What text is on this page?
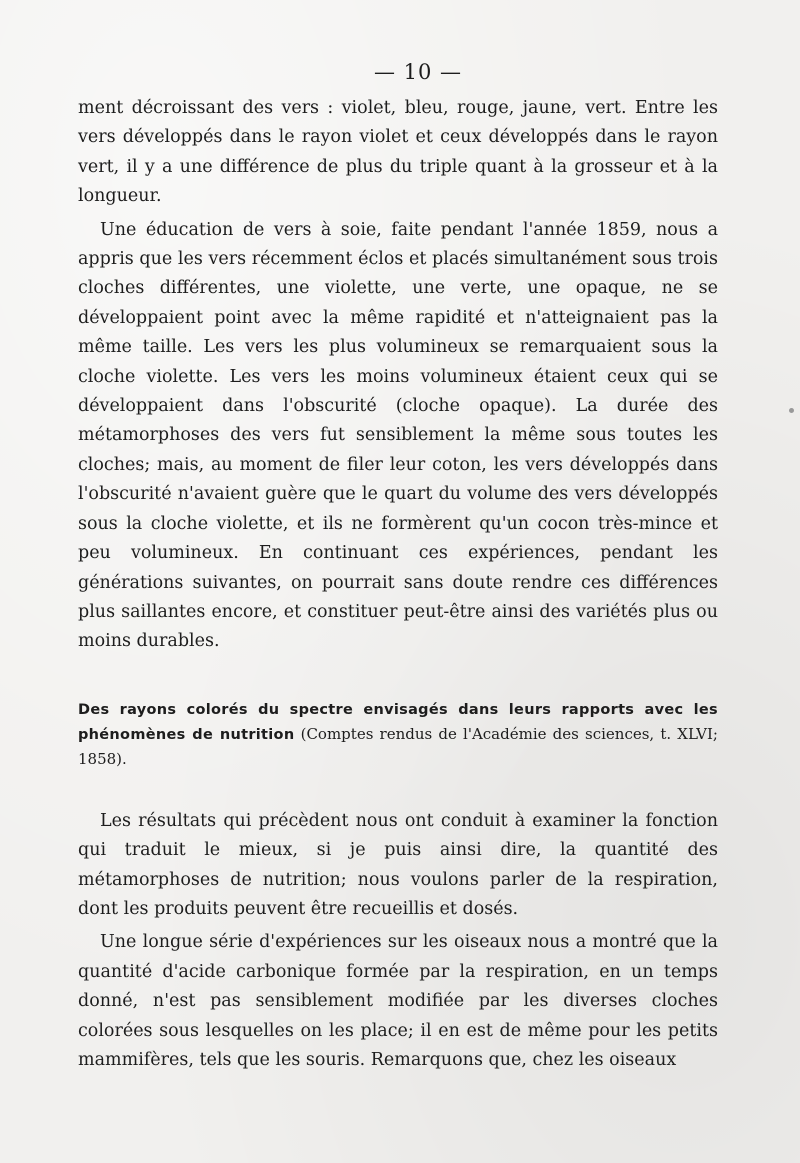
— 10 —

ment décroissant des vers : violet, bleu, rouge, jaune, vert. Entre les vers développés dans le rayon violet et ceux développés dans le rayon vert, il y a une différence de plus du triple quant à la grosseur et à la longueur.

Une éducation de vers à soie, faite pendant l'année 1859, nous a appris que les vers récemment éclos et placés simultanément sous trois cloches différentes, une violette, une verte, une opaque, ne se développaient point avec la même rapidité et n'atteignaient pas la même taille. Les vers les plus volumineux se remarquaient sous la cloche violette. Les vers les moins volumineux étaient ceux qui se développaient dans l'obscurité (cloche opaque). La durée des métamorphoses des vers fut sensiblement la même sous toutes les cloches; mais, au moment de filer leur coton, les vers développés dans l'obscurité n'avaient guère que le quart du volume des vers développés sous la cloche violette, et ils ne formèrent qu'un cocon très-mince et peu volumineux. En continuant ces expériences, pendant les générations suivantes, on pourrait sans doute rendre ces différences plus saillantes encore, et constituer peut-être ainsi des variétés plus ou moins durables.

Des rayons colorés du spectre envisagés dans leurs rapports avec les phénomènes de nutrition (Comptes rendus de l'Académie des sciences, t. XLVI; 1858).

Les résultats qui précèdent nous ont conduit à examiner la fonction qui traduit le mieux, si je puis ainsi dire, la quantité des métamorphoses de nutrition; nous voulons parler de la respiration, dont les produits peuvent être recueillis et dosés.

Une longue série d'expériences sur les oiseaux nous a montré que la quantité d'acide carbonique formée par la respiration, en un temps donné, n'est pas sensiblement modifiée par les diverses cloches colorées sous lesquelles on les place; il en est de même pour les petits mammifères, tels que les souris. Remarquons que, chez les oiseaux
